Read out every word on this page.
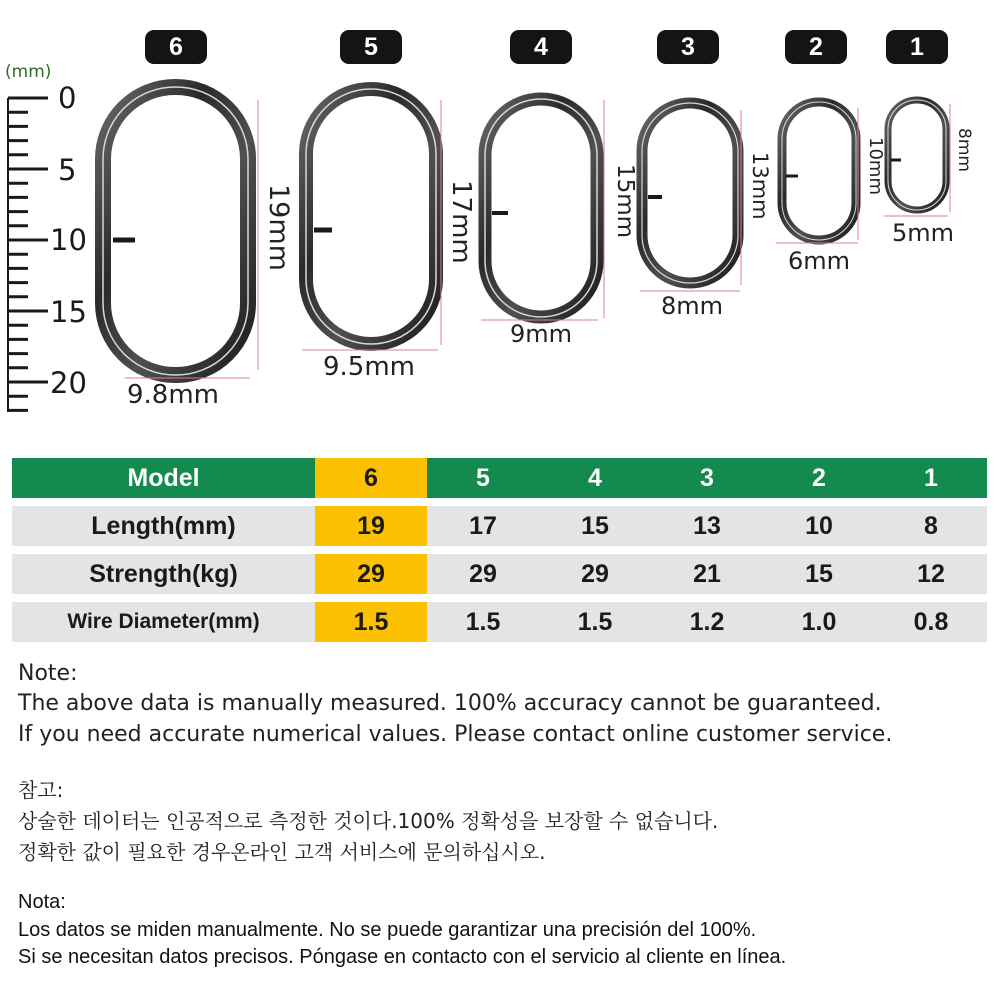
6	5	4	3	2	1
(mm)
0
5
10
15
20
19mm
9.8mm
17mm
9.5mm
15mm
9mm
13mm
8mm
10mm
6mm
8mm
5mm
Model	6	5	4	3	2	1
Length(mm)	19	17	15	13	10	8
Strength(kg)	29	29	29	21	15	12
Wire Diameter(mm)	1.5	1.5	1.5	1.2	1.0	0.8
Note:
The above data is manually measured. 100% accuracy cannot be guaranteed.
If you need accurate numerical values. Please contact online customer service.
참고:
상술한 데이터는 인공적으로 측정한 것이다.100% 정확성을 보장할 수 없습니다.
정확한 값이 필요한 경우온라인 고객 서비스에 문의하십시오.
Nota:
Los datos se miden manualmente. No se puede garantizar una precisión del 100%.
Si se necesitan datos precisos. Póngase en contacto con el servicio al cliente en línea.
